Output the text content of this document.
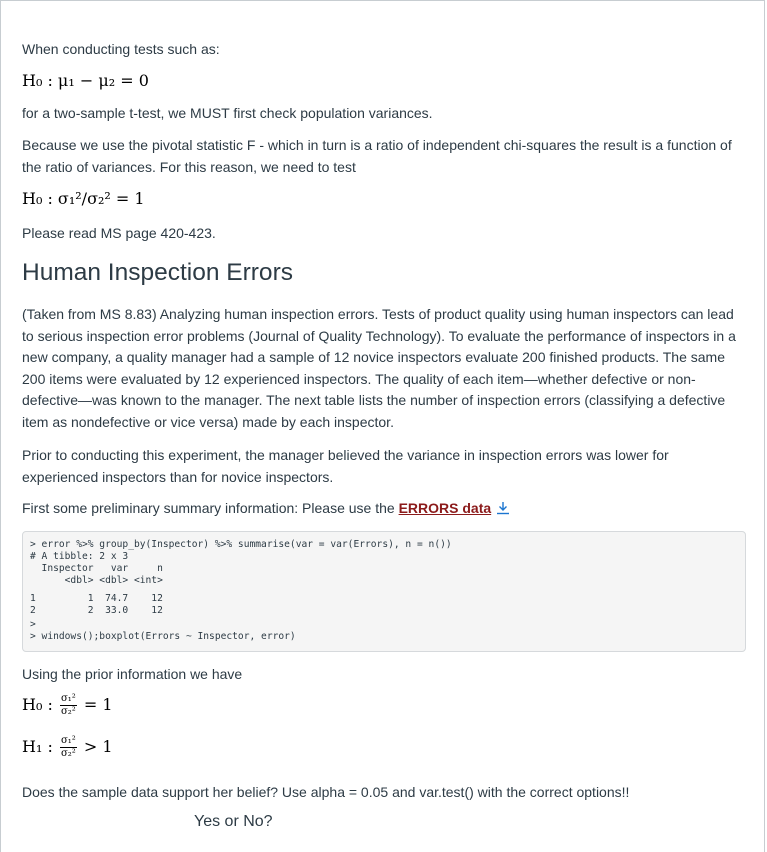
When conducting tests such as:

H₀ : μ₁ − μ₂ = 0

for a two-sample t-test, we MUST first check population variances.

Because we use the pivotal statistic F - which in turn is a ratio of independent chi-squares the result is a function of the ratio of variances. For this reason, we need to test

H₀ : σ₁²/σ₂² = 1

Please read MS page 420-423.

Human Inspection Errors

(Taken from MS 8.83) Analyzing human inspection errors. Tests of product quality using human inspectors can lead to serious inspection error problems (Journal of Quality Technology). To evaluate the performance of inspectors in a new company, a quality manager had a sample of 12 novice inspectors evaluate 200 finished products. The same 200 items were evaluated by 12 experienced inspectors. The quality of each item—whether defective or non-defective—was known to the manager. The next table lists the number of inspection errors (classifying a defective item as nondefective or vice versa) made by each inspector.

Prior to conducting this experiment, the manager believed the variance in inspection errors was lower for experienced inspectors than for novice inspectors.

First some preliminary summary information: Please use the ERRORS data

> error %>% group_by(Inspector) %>% summarise(var = var(Errors), n = n())
# A tibble: 2 x 3
Inspector   var     n
<dbl> <dbl> <int>
1         1  74.7    12
2         2  33.0    12
>
> windows();boxplot(Errors ~ Inspector, error)

Using the prior information we have

H₀ : $\frac{\text{σ₁²}}{\text{σ₂²}} = 1$
H₁ : $\frac{\text{σ₁²}}{\text{σ₂²}} > 1$

Does the sample data support her belief? Use alpha = 0.05 and var.test() with the correct options!!

Yes or No?
